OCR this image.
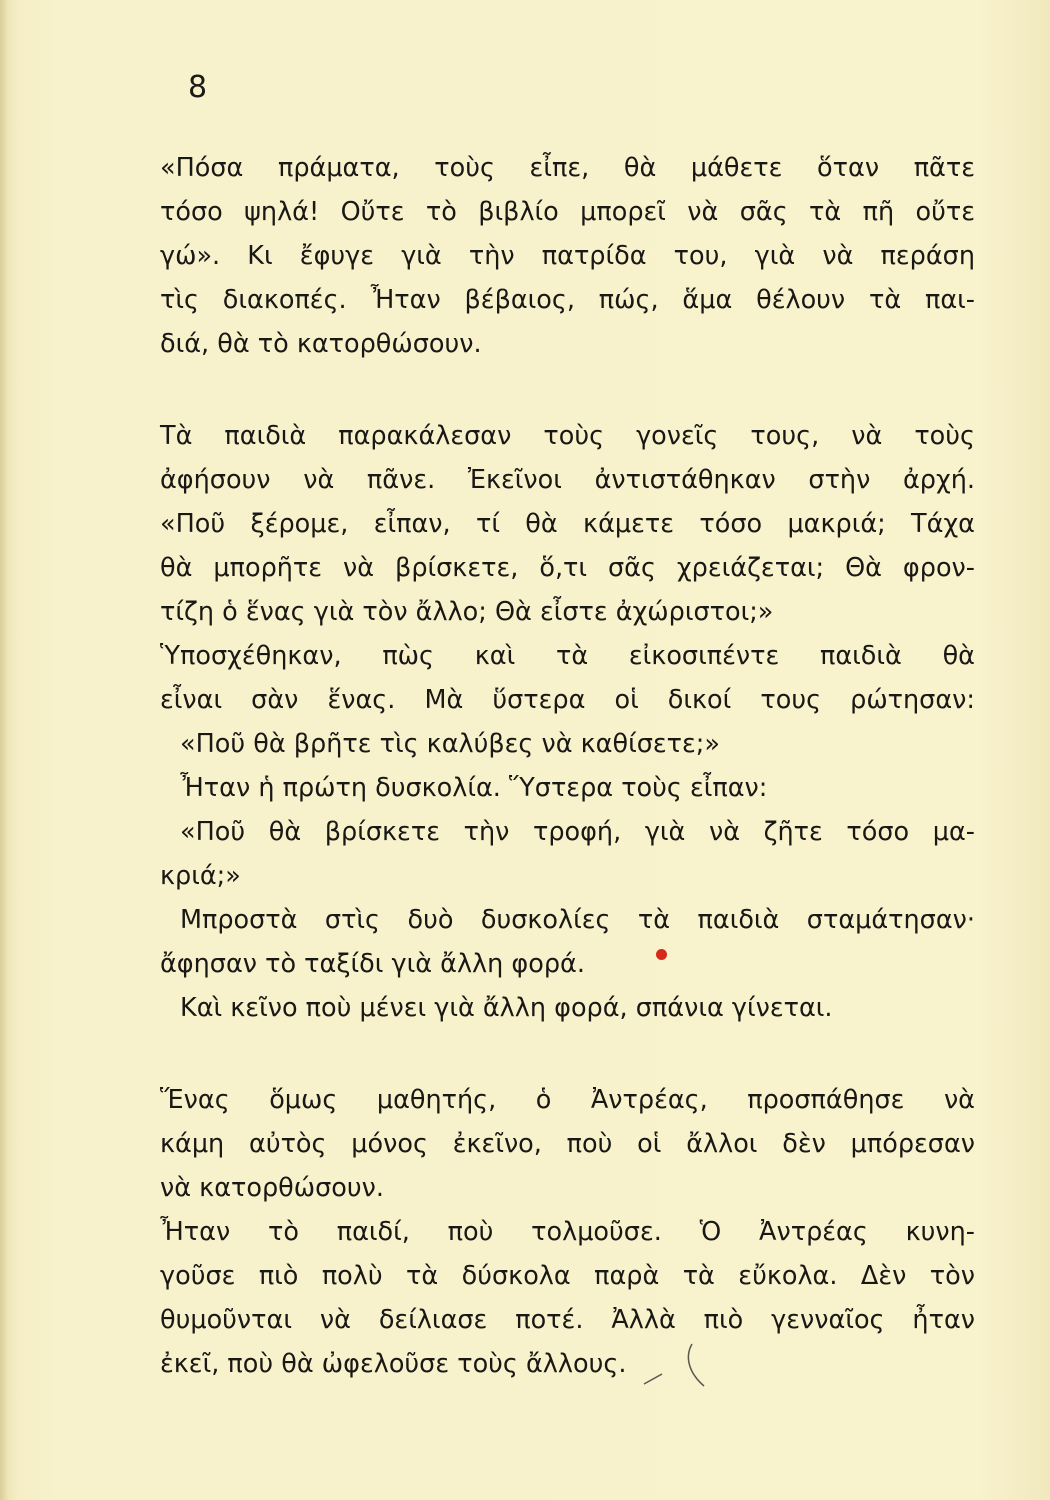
8
«Πόσα πράματα, τοὺς εἶπε, θὰ μάθετε ὅταν πᾶτε
τόσο ψηλά! Οὔτε τὸ βιβλίο μπορεῖ νὰ σᾶς τὰ πῆ οὔτε
γώ». Κι ἔφυγε γιὰ τὴν πατρίδα του, γιὰ νὰ περάση
τὶς διακοπές. Ἦταν βέβαιος, πώς, ἅμα θέλουν τὰ παι-
διά, θὰ τὸ κατορθώσουν.
Τὰ παιδιὰ παρακάλεσαν τοὺς γονεῖς τους, νὰ τοὺς
ἀφήσουν νὰ πᾶνε. Ἐκεῖνοι ἀντιστάθηκαν στὴν ἀρχή.
«Ποῦ ξέρομε, εἶπαν, τί θὰ κάμετε τόσο μακριά; Τάχα
θὰ μπορῆτε νὰ βρίσκετε, ὅ,τι σᾶς χρειάζεται; Θὰ φρον-
τίζη ὁ ἕνας γιὰ τὸν ἄλλο; Θὰ εἶστε ἀχώριστοι;»
Ὑποσχέθηκαν, πὼς καὶ τὰ εἰκοσιπέντε παιδιὰ θὰ
εἶναι σὰν ἕνας. Μὰ ὕστερα οἱ δικοί τους ρώτησαν:
«Ποῦ θὰ βρῆτε τὶς καλύβες νὰ καθίσετε;»
Ἦταν ἡ πρώτη δυσκολία. Ὕστερα τοὺς εἶπαν:
«Ποῦ θὰ βρίσκετε τὴν τροφή, γιὰ νὰ ζῆτε τόσο μα-
κριά;»
Μπροστὰ στὶς δυὸ δυσκολίες τὰ παιδιὰ σταμάτησαν·
ἄφησαν τὸ ταξίδι γιὰ ἄλλη φορά.
Καὶ κεῖνο ποὺ μένει γιὰ ἄλλη φορά, σπάνια γίνεται.
Ἕνας ὅμως μαθητής, ὁ Ἀντρέας, προσπάθησε νὰ
κάμη αὐτὸς μόνος ἐκεῖνο, ποὺ οἱ ἄλλοι δὲν μπόρεσαν
νὰ κατορθώσουν.
Ἦταν τὸ παιδί, ποὺ τολμοῦσε. Ὁ Ἀντρέας κυνη-
γοῦσε πιὸ πολὺ τὰ δύσκολα παρὰ τὰ εὔκολα. Δὲν τὸν
θυμοῦνται νὰ δείλιασε ποτέ. Ἀλλὰ πιὸ γενναῖος ἦταν
ἐκεῖ, ποὺ θὰ ὠφελοῦσε τοὺς ἄλλους.
